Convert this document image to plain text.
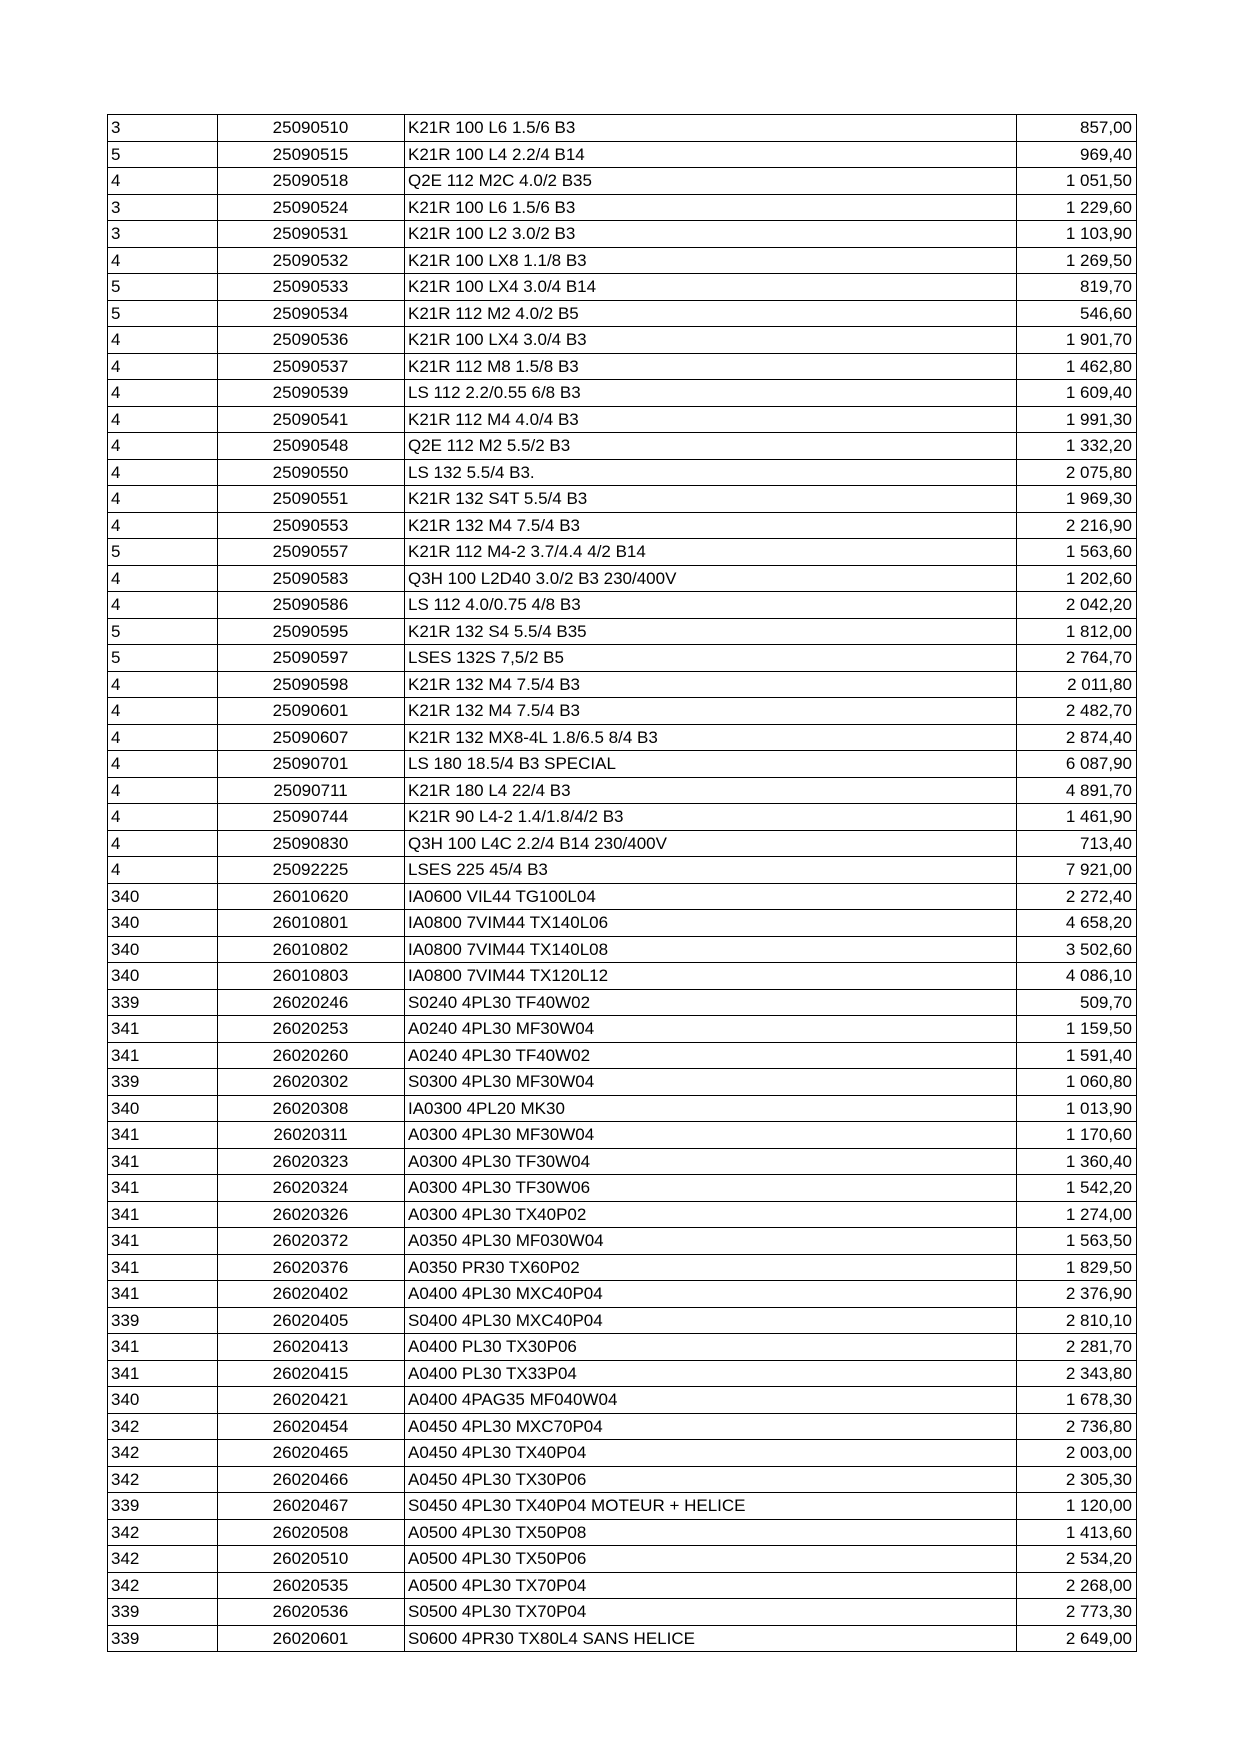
3	25090510	K21R 100 L6 1.5/6 B3	857,00
5	25090515	K21R 100 L4 2.2/4 B14	969,40
4	25090518	Q2E 112 M2C 4.0/2 B35	1 051,50
3	25090524	K21R 100 L6 1.5/6 B3	1 229,60
3	25090531	K21R 100 L2 3.0/2 B3	1 103,90
4	25090532	K21R 100 LX8 1.1/8 B3	1 269,50
5	25090533	K21R 100 LX4 3.0/4 B14	819,70
5	25090534	K21R 112 M2 4.0/2 B5	546,60
4	25090536	K21R 100 LX4 3.0/4 B3	1 901,70
4	25090537	K21R 112 M8 1.5/8 B3	1 462,80
4	25090539	LS 112 2.2/0.55 6/8 B3	1 609,40
4	25090541	K21R 112 M4 4.0/4 B3	1 991,30
4	25090548	Q2E 112 M2 5.5/2 B3	1 332,20
4	25090550	LS 132 5.5/4 B3.	2 075,80
4	25090551	K21R 132 S4T 5.5/4 B3	1 969,30
4	25090553	K21R 132 M4 7.5/4 B3	2 216,90
5	25090557	K21R 112 M4-2 3.7/4.4 4/2 B14	1 563,60
4	25090583	Q3H 100 L2D40 3.0/2 B3 230/400V	1 202,60
4	25090586	LS 112 4.0/0.75 4/8 B3	2 042,20
5	25090595	K21R 132 S4 5.5/4 B35	1 812,00
5	25090597	LSES 132S 7,5/2 B5	2 764,70
4	25090598	K21R 132 M4 7.5/4 B3	2 011,80
4	25090601	K21R 132 M4 7.5/4 B3	2 482,70
4	25090607	K21R 132 MX8-4L 1.8/6.5 8/4 B3	2 874,40
4	25090701	LS 180 18.5/4 B3 SPECIAL	6 087,90
4	25090711	K21R 180 L4 22/4 B3	4 891,70
4	25090744	K21R 90 L4-2 1.4/1.8/4/2 B3	1 461,90
4	25090830	Q3H 100 L4C 2.2/4 B14 230/400V	713,40
4	25092225	LSES 225 45/4 B3	7 921,00
340	26010620	IA0600 VIL44 TG100L04	2 272,40
340	26010801	IA0800 7VIM44 TX140L06	4 658,20
340	26010802	IA0800 7VIM44 TX140L08	3 502,60
340	26010803	IA0800 7VIM44 TX120L12	4 086,10
339	26020246	S0240 4PL30 TF40W02	509,70
341	26020253	A0240 4PL30 MF30W04	1 159,50
341	26020260	A0240 4PL30 TF40W02	1 591,40
339	26020302	S0300 4PL30 MF30W04	1 060,80
340	26020308	IA0300 4PL20 MK30	1 013,90
341	26020311	A0300 4PL30 MF30W04	1 170,60
341	26020323	A0300 4PL30 TF30W04	1 360,40
341	26020324	A0300 4PL30 TF30W06	1 542,20
341	26020326	A0300 4PL30 TX40P02	1 274,00
341	26020372	A0350 4PL30 MF030W04	1 563,50
341	26020376	A0350 PR30 TX60P02	1 829,50
341	26020402	A0400 4PL30 MXC40P04	2 376,90
339	26020405	S0400 4PL30 MXC40P04	2 810,10
341	26020413	A0400 PL30 TX30P06	2 281,70
341	26020415	A0400 PL30 TX33P04	2 343,80
340	26020421	A0400 4PAG35 MF040W04	1 678,30
342	26020454	A0450 4PL30 MXC70P04	2 736,80
342	26020465	A0450 4PL30 TX40P04	2 003,00
342	26020466	A0450 4PL30 TX30P06	2 305,30
339	26020467	S0450 4PL30 TX40P04 MOTEUR + HELICE	1 120,00
342	26020508	A0500 4PL30 TX50P08	1 413,60
342	26020510	A0500 4PL30 TX50P06	2 534,20
342	26020535	A0500 4PL30 TX70P04	2 268,00
339	26020536	S0500 4PL30 TX70P04	2 773,30
339	26020601	S0600 4PR30 TX80L4 SANS HELICE	2 649,00
